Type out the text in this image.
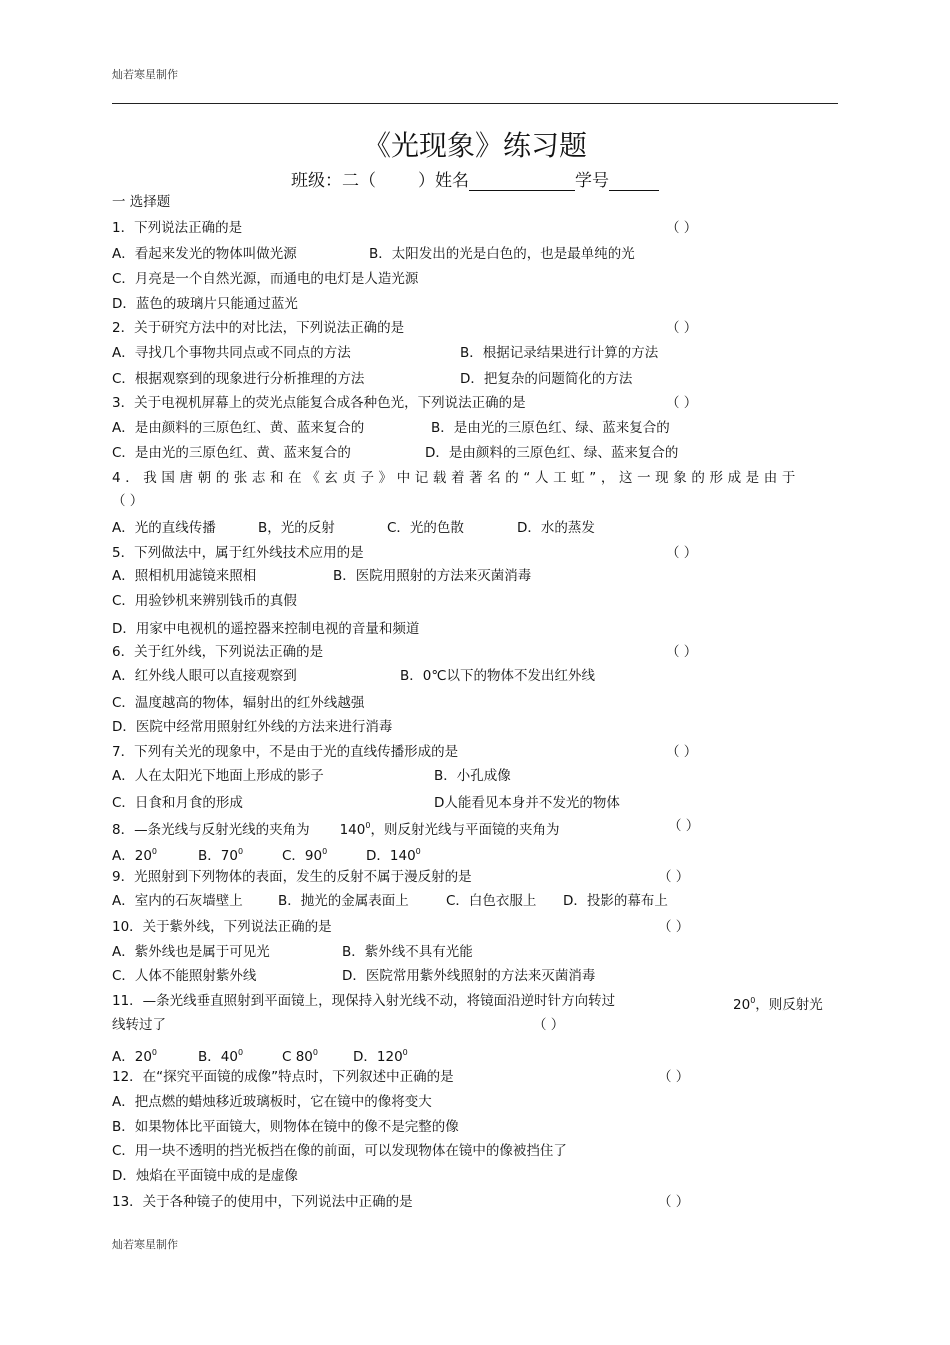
灿若寒星制作
《光现象》练习题
班级：二（ ）姓名	学号
一 选择题
1．下列说法正确的是	（ ）
A．看起来发光的物体叫做光源	B．太阳发出的光是白色的，也是最单纯的光
C．月亮是一个自然光源，而通电的电灯是人造光源
D．蓝色的玻璃片只能通过蓝光
2．关于研究方法中的对比法，下列说法正确的是	（ ）
A．寻找几个事物共同点或不同点的方法	B．根据记录结果进行计算的方法
C．根据观察到的现象进行分析推理的方法	D．把复杂的问题简化的方法
3．关于电视机屏幕上的荧光点能复合成各种色光，下列说法正确的是	（ ）
A．是由颜料的三原色红、黄、蓝来复合的	B．是由光的三原色红、绿、蓝来复合的
C．是由光的三原色红、黄、蓝来复合的	D．是由颜料的三原色红、绿、蓝来复合的
4．我国唐朝的张志和在《玄贞子》中记载着著名的“人工虹”，这一现象的形成是由于
（ ）
A．光的直线传播	B，光的反射	C．光的色散	D．水的蒸发
5．下列做法中，属于红外线技术应用的是	（ ）
A．照相机用滤镜来照相	B．医院用照射的方法来灭菌消毒
C．用验钞机来辨别钱币的真假
D．用家中电视机的遥控器来控制电视的音量和频道
6．关于红外线，下列说法正确的是	（ ）
A．红外线人眼可以直接观察到	B．0℃以下的物体不发出红外线
C．温度越高的物体，辐射出的红外线越强
D．医院中经常用照射红外线的方法来进行消毒
7．下列有关光的现象中，不是由于光的直线传播形成的是	（ ）
A．人在太阳光下地面上形成的影子	B．小孔成像
C．日食和月食的形成	D人能看见本身并不发光的物体
8．—条光线与反射光线的夹角为 $140^0$，则反射光线与平面镜的夹角为	（ ）
A．$20^0$	B．$70^0$	C．$90^0$	D．$140^0$
9．光照射到下列物体的表面，发生的反射不属于漫反射的是	（ ）
A．室内的石灰墙壁上	B．抛光的金属表面上	C．白色衣服上 D．投影的幕布上
10．关于紫外线，下列说法正确的是	（ ）
A．紫外线也是属于可见光	B．紫外线不具有光能
C．人体不能照射紫外线	D．医院常用紫外线照射的方法来灭菌消毒
11．—条光线垂直照射到平面镜上，现保持入射光线不动，将镜面沿逆时针方向转过	$20^0$，则反射光
线转过了	（ ）
A．$20^0$	B．$40^0$	C $80^0$	D．$120^0$
12．在“探究平面镜的成像”特点时，下列叙述中正确的是	（ ）
A．把点燃的蜡烛移近玻璃板时，它在镜中的像将变大
B．如果物体比平面镜大，则物体在镜中的像不是完整的像
C．用一块不透明的挡光板挡在像的前面，可以发现物体在镜中的像被挡住了
D．烛焰在平面镜中成的是虚像
13．关于各种镜子的使用中，下列说法中正确的是	（ ）
灿若寒星制作
